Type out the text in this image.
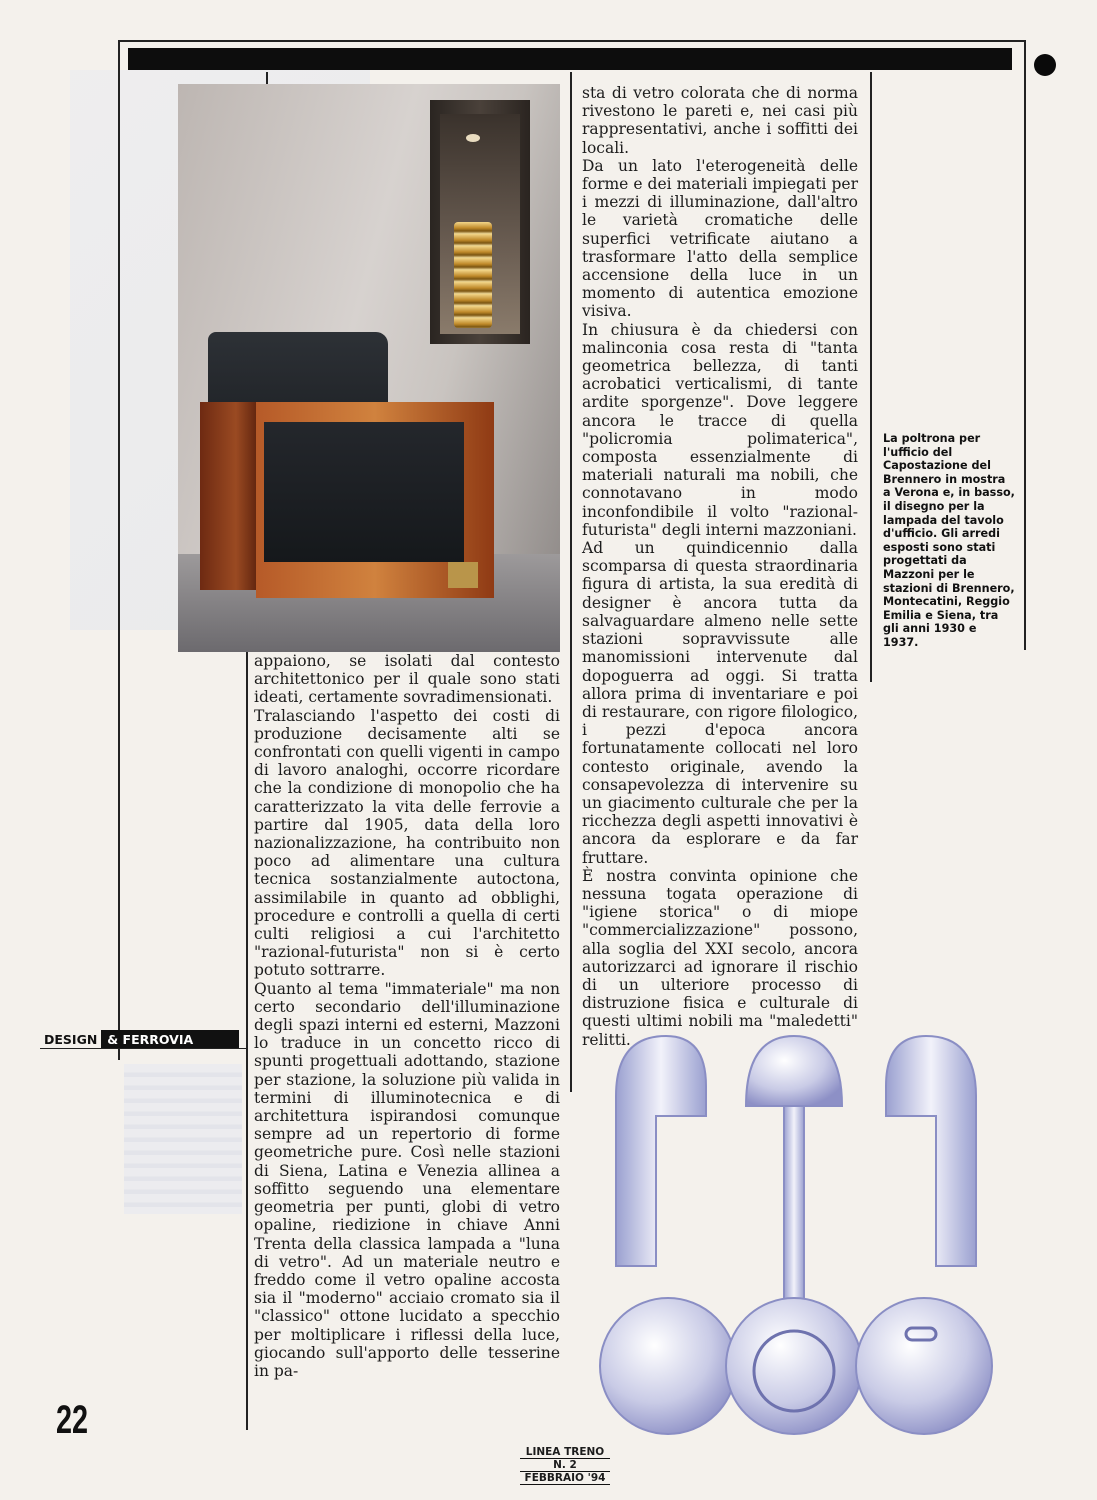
appaiono, se isolati dal contesto architettonico per il quale sono stati ideati, certamente sovradimensionati.

Tralasciando l'aspetto dei costi di produzione decisamente alti se confrontati con quelli vigenti in campo di lavoro analoghi, occorre ricordare che la condizione di monopolio che ha caratterizzato la vita delle ferrovie a partire dal 1905, data della loro nazionalizzazione, ha contribuito non poco ad alimentare una cultura tecnica sostanzialmente autoctona, assimilabile in quanto ad obblighi, procedure e controlli a quella di certi culti religiosi a cui l'architetto "razional-futurista" non si è certo potuto sottrarre.

Quanto al tema "immateriale" ma non certo secondario dell'illuminazione degli spazi interni ed esterni, Mazzoni lo traduce in un concetto ricco di spunti progettuali adottando, stazione per stazione, la soluzione più valida in termini di illuminotecnica e di architettura ispirandosi comunque sempre ad un repertorio di forme geometriche pure. Così nelle stazioni di Siena, Latina e Venezia allinea a soffitto seguendo una elementare geometria per punti, globi di vetro opaline, riedizione in chiave Anni Trenta della classica lampada a "luna di vetro". Ad un materiale neutro e freddo come il vetro opaline accosta sia il "moderno" acciaio cromato sia il "classico" ottone lucidato a specchio per moltiplicare i riflessi della luce, giocando sull'apporto delle tesserine in pa-

sta di vetro colorata che di norma rivestono le pareti e, nei casi più rappresentativi, anche i soffitti dei locali.

Da un lato l'eterogeneità delle forme e dei materiali impiegati per i mezzi di illuminazione, dall'altro le varietà cromatiche delle superfici vetrificate aiutano a trasformare l'atto della semplice accensione della luce in un momento di autentica emozione visiva.

In chiusura è da chiedersi con malinconia cosa resta di "tanta geometrica bellezza, di tanti acrobatici verticalismi, di tante ardite sporgenze". Dove leggere ancora le tracce di quella "policromia polimaterica", composta essenzialmente di materiali naturali ma nobili, che connotavano in modo inconfondibile il volto "razional-futurista" degli interni mazzoniani.

Ad un quindicennio dalla scomparsa di questa straordinaria figura di artista, la sua eredità di designer è ancora tutta da salvaguardare almeno nelle sette stazioni sopravvissute alle manomissioni intervenute dal dopoguerra ad oggi. Si tratta allora prima di inventariare e poi di restaurare, con rigore filologico, i pezzi d'epoca ancora fortunatamente collocati nel loro contesto originale, avendo la consapevolezza di intervenire su un giacimento culturale che per la ricchezza degli aspetti innovativi è ancora da esplorare e da far fruttare.

È nostra convinta opinione che nessuna togata operazione di "igiene storica" o di miope "commercializzazione" possono, alla soglia del XXI secolo, ancora autorizzarci ad ignorare il rischio di un ulteriore processo di distruzione fisica e culturale di questi ultimi nobili ma "maledetti" relitti.

La poltrona per l'ufficio del Capostazione del Brennero in mostra a Verona e, in basso, il disegno per la lampada del tavolo d'ufficio. Gli arredi esposti sono stati progettati da Mazzoni per le stazioni di Brennero, Montecatini, Reggio Emilia e Siena, tra gli anni 1930 e 1937.
DESIGN & FERROVIA
22
LINEA TRENO
N. 2
FEBBRAIO '94
